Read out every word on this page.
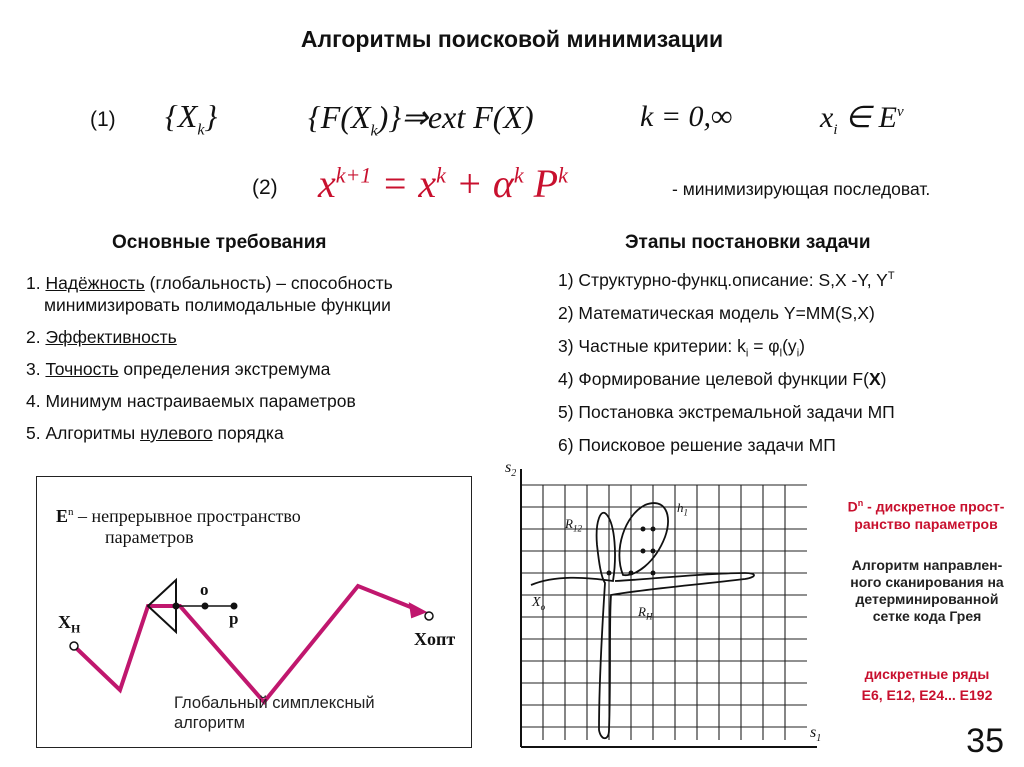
Алгоритмы поисковой минимизации
(1) $\{X_k\}$	$\{F(X_k)\}\Rightarrow ext$ F(X)	k = 0,∞	$x_i$ ∈ $E^\nu$
(2) $x^{k+1} = x^k + \alpha^k$ $P^k$
- минимизирующая последоват.
Основные требования
1. Надёжность (глобальность) – способность
минимизировать полимодальные функции
2. Эффективность
3. Точность определения экстремума
4. Минимум настраиваемых параметров
5. Алгоритмы нулевого порядка
Этапы постановки задачи
1) Структурно-функц.описание: S,X -Y, $Y^T$
2) Математическая модель Y=MM(S,X)
3) Частные критерии: $k_i = \varphi_l(y_i)$
4) Формирование целевой функции F(X)
5) Постановка экстремальной задачи МП
6) Поисковое решение задачи МП
$E^n$ – непрерывное пространство
параметров
$X_H$
o
p
Xопт
Глобальный симплексный
алгоритм
$s_2$
$s_1$
$X_o$
$R_{12}$
$h_1$
$R_H$
$D^n$ - дискретное прост-
ранство параметров
Алгоритм направлен-
ного сканирования на
детерминированной
сетке кода Грея
дискретные ряды
E6, E12, E24... E192
35
